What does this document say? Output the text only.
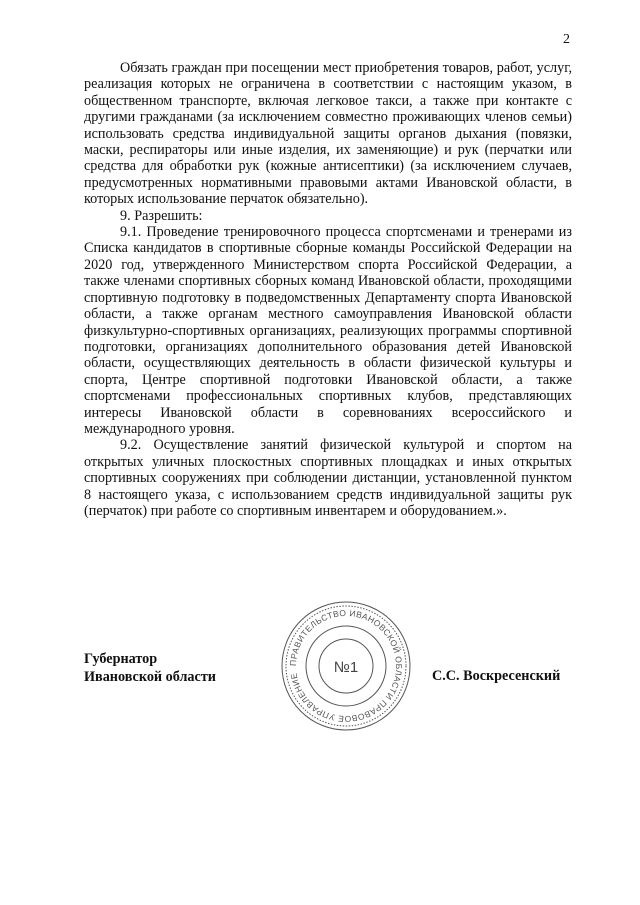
2

Обязать граждан при посещении мест приобретения товаров, работ, услуг, реализация которых не ограничена в соответствии с настоящим указом, в общественном транспорте, включая легковое такси, а также при контакте с другими гражданами (за исключением совместно проживающих членов семьи) использовать средства индивидуальной защиты органов дыхания (повязки, маски, респираторы или иные изделия, их заменяющие) и рук (перчатки или средства для обработки рук (кожные антисептики) (за исключением случаев, предусмотренных нормативными правовыми актами Ивановской области, в которых использование перчаток обязательно).

9. Разрешить:

9.1. Проведение тренировочного процесса спортсменами и тренерами из Списка кандидатов в спортивные сборные команды Российской Федерации на 2020 год, утвержденного Министерством спорта Российской Федерации, а также членами спортивных сборных команд Ивановской области, проходящими спортивную подготовку в подведомственных Департаменту спорта Ивановской области, а также органам местного самоуправления Ивановской области физкультурно-спортивных организациях, реализующих программы спортивной подготовки, организациях дополнительного образования детей Ивановской области, осуществляющих деятельность в области физической культуры и спорта, Центре спортивной подготовки Ивановской области, а также спортсменами профессиональных спортивных клубов, представляющих интересы Ивановской области в соревнованиях всероссийского и международного уровня.

9.2. Осуществление занятий физической культурой и спортом на открытых уличных плоскостных спортивных площадках и иных открытых спортивных сооружениях при соблюдении дистанции, установленной пунктом 8 настоящего указа, с использованием средств индивидуальной защиты рук (перчаток) при работе со спортивным инвентарем и оборудованием.».

Губернатор
Ивановской области
ПРАВИТЕЛЬСТВО ИВАНОВСКОЙ ОБЛАСТИ ПРАВОВОЕ УПРАВЛЕНИЕ
№1	С.С. Воскресенский
